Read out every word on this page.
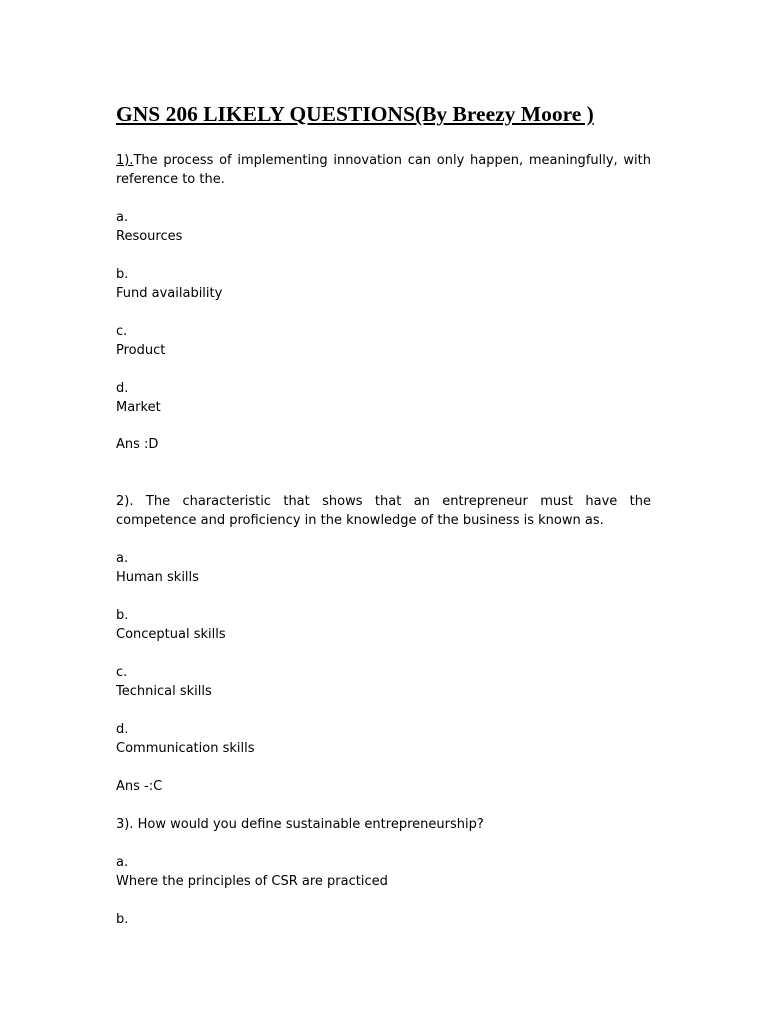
GNS 206 LIKELY QUESTIONS(By Breezy Moore )
1).The process of implementing innovation can only happen, meaningfully, with reference to the.
a.
Resources
b.
Fund availability
c.
Product
d.
Market
Ans :D
2). The characteristic that shows that an entrepreneur must have the competence and proficiency in the knowledge of the business is known as.
a.
Human skills
b.
Conceptual skills
c.
Technical skills
d.
Communication skills
Ans -:C
3). How would you define sustainable entrepreneurship?
a.
Where the principles of CSR are practiced
b.
